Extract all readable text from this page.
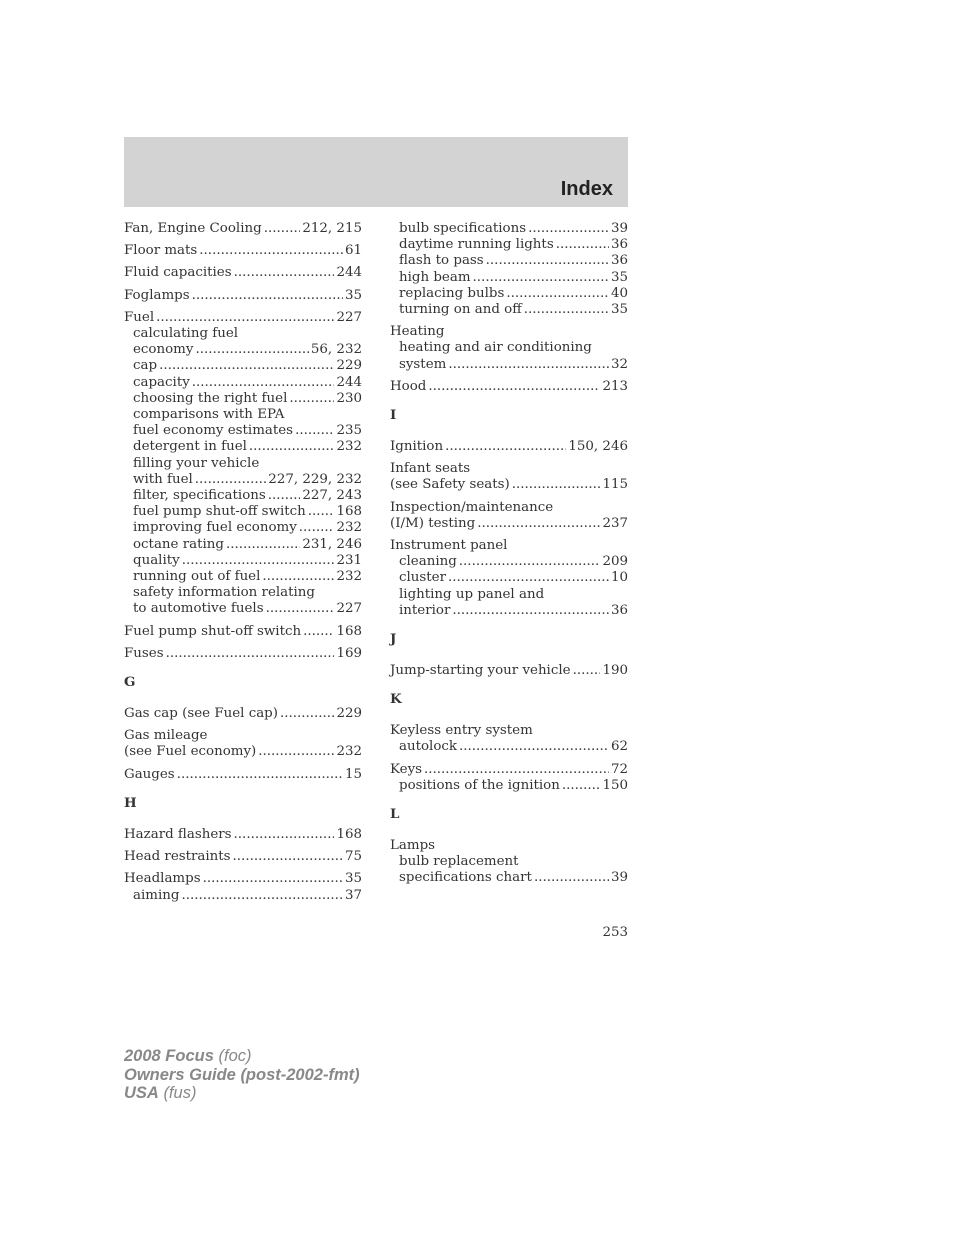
Index
Fan, Engine Cooling .....	212, 215
Floor mats .....	61
Fluid capacities .....	244
Foglamps .....	35
Fuel .....	227
calculating fuel
economy .....	56, 232
cap .....	229
capacity .....	244
choosing the right fuel .....	230
comparisons with EPA
fuel economy estimates .....	235
detergent in fuel .....	232
filling your vehicle
with fuel .....	227, 229, 232
filter, specifications .....	227, 243
fuel pump shut-off switch ..... 168
improving fuel economy .....	232
octane rating .....	231, 246
quality .....	231
running out of fuel .....	232
safety information relating
to automotive fuels .....	227
Fuel pump shut-off switch .....	168
Fuses .....	169
G
Gas cap (see Fuel cap) .....	229
Gas mileage
(see Fuel economy) .....	232
Gauges .....	15
H
Hazard flashers .....	168
Head restraints .....	75
Headlamps .....	35
aiming .....	37
bulb specifications .....	39
daytime running lights .....	36
flash to pass .....	36
high beam .....	35
replacing bulbs .....	40
turning on and off .....	35
Heating
heating and air conditioning
system .....	32
Hood .....	213
I
Ignition .....	150, 246
Infant seats
(see Safety seats) .....	115
Inspection/maintenance
(I/M) testing .....	237
Instrument panel
cleaning .....	209
cluster .....	10
lighting up panel and
interior .....	36
J
Jump-starting your vehicle ..... 190
K
Keyless entry system
autolock .....	62
Keys .....	72
positions of the ignition .....	150
L
Lamps
bulb replacement
specifications chart .....	39
253
2008 Focus (foc)
Owners Guide (post-2002-fmt)
USA (fus)
